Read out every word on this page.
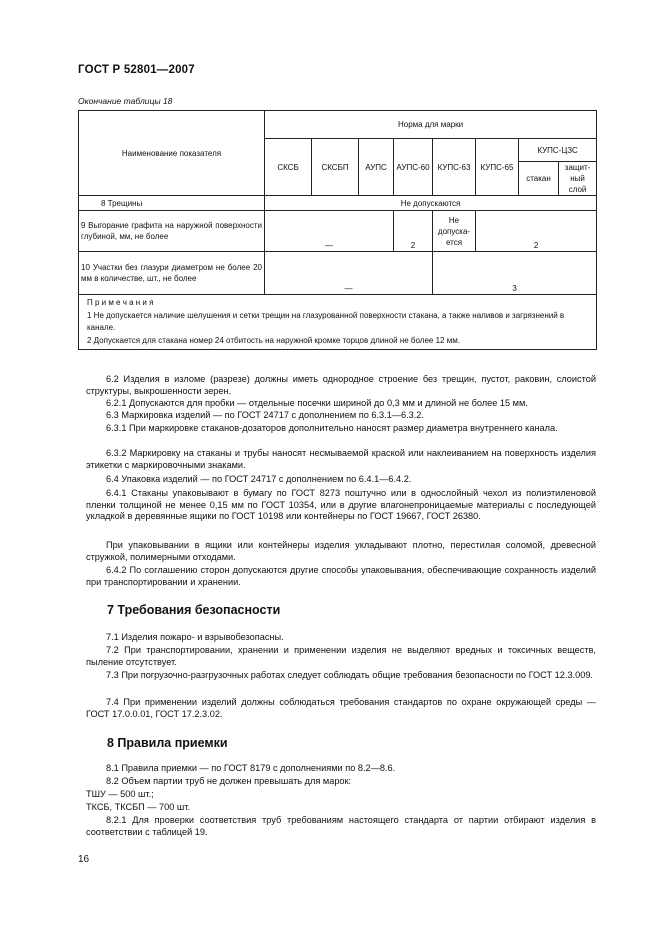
ГОСТ Р 52801—2007
Окончание таблицы 18
Наименование показателя	Норма для марки							
	СКСБ	СКСБП	АУПС	АУПС-60	КУПС-63	КУПС-65	КУПС-ЦЗС	
							стакан	защит-ный слой
8 Трещины	Не допускаются							
9 Выгорание графита на наружной поверхности глубиной, мм, не более	—			2	Не допуска-ется	2		
10 Участки без глазури диаметром не более 20 мм в количестве, шт., не более	—				3			

П р и м е ч а н и я
1 Не допускается наличие шелушения и сетки трещин на глазурованной поверхности стакана, а также наливов и загрязнений в канале.
2 Допускается для стакана номер 24 отбитость на наружной кромке торцов длиной не более 12 мм.								
6.2 Изделия в изломе (разрезе) должны иметь однородное строение без трещин, пустот, раковин, слоистой структуры, выкрошенности зерен.
6.2.1 Допускаются для пробки — отдельные посечки шириной до 0,3 мм и длиной не более 15 мм.
6.3 Маркировка изделий — по ГОСТ 24717 с дополнением по 6.3.1—6.3.2.
6.3.1 При маркировке стаканов-дозаторов дополнительно наносят размер диаметра внутреннего канала.
6.3.2 Маркировку на стаканы и трубы наносят несмываемой краской или наклеиванием на поверхность изделия этикетки с маркировочными знаками.
6.4 Упаковка изделий — по ГОСТ 24717 с дополнением по 6.4.1—6.4.2.
6.4.1 Стаканы упаковывают в бумагу по ГОСТ 8273 поштучно или в однослойный чехол из полиэтиленовой пленки толщиной не менее 0,15 мм по ГОСТ 10354, или в другие влагонепроницаемые материалы с последующей укладкой в деревянные ящики по ГОСТ 10198 или контейнеры по ГОСТ 19667, ГОСТ 26380.
При упаковывании в ящики или контейнеры изделия укладывают плотно, перестилая соломой, древесной стружкой, полимерными отходами.
6.4.2 По соглашению сторон допускаются другие способы упаковывания, обеспечивающие сохранность изделий при транспортировании и хранении.
7 Требования безопасности
7.1 Изделия пожаро- и взрывобезопасны.
7.2 При транспортировании, хранении и применении изделия не выделяют вредных и токсичных веществ, пыление отсутствует.
7.3 При погрузочно-разгрузочных работах следует соблюдать общие требования безопасности по ГОСТ 12.3.009.
7.4 При применении изделий должны соблюдаться требования стандартов по охране окружающей среды — ГОСТ 17.0.0.01, ГОСТ 17.2.3.02.
8 Правила приемки
8.1 Правила приемки — по ГОСТ 8179 с дополнениями по 8.2—8.6.
8.2 Объем партии труб не должен превышать для марок:
ТШУ — 500 шт.;
ТКСБ, ТКСБП — 700 шт.
8.2.1 Для проверки соответствия труб требованиям настоящего стандарта от партии отбирают изделия в соответствии с таблицей 19.
16
